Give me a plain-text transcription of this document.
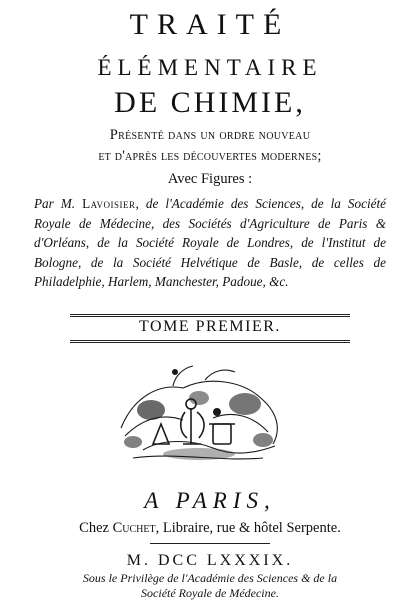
TRAITÉ
ÉLÉMENTAIRE
DE CHIMIE,
Présenté dans un ordre nouveau
et d'après les découvertes modernes;
Avec Figures :
Par M. Lavoisier, de l'Académie des Sciences, de la Société Royale de Médecine, des Sociétés d'Agriculture de Paris & d'Orléans, de la Société Royale de Londres, de l'Institut de Bologne, de la Société Helvétique de Basle, de celles de Philadelphie, Harlem, Manchester, Padoue, &c.
TOME PREMIER.
A PARIS,
Chez Cuchet, Libraire, rue & hôtel Serpente.
M. DCC LXXXIX.
Sous le Privilège de l'Académie des Sciences & de la
Société Royale de Médecine.
